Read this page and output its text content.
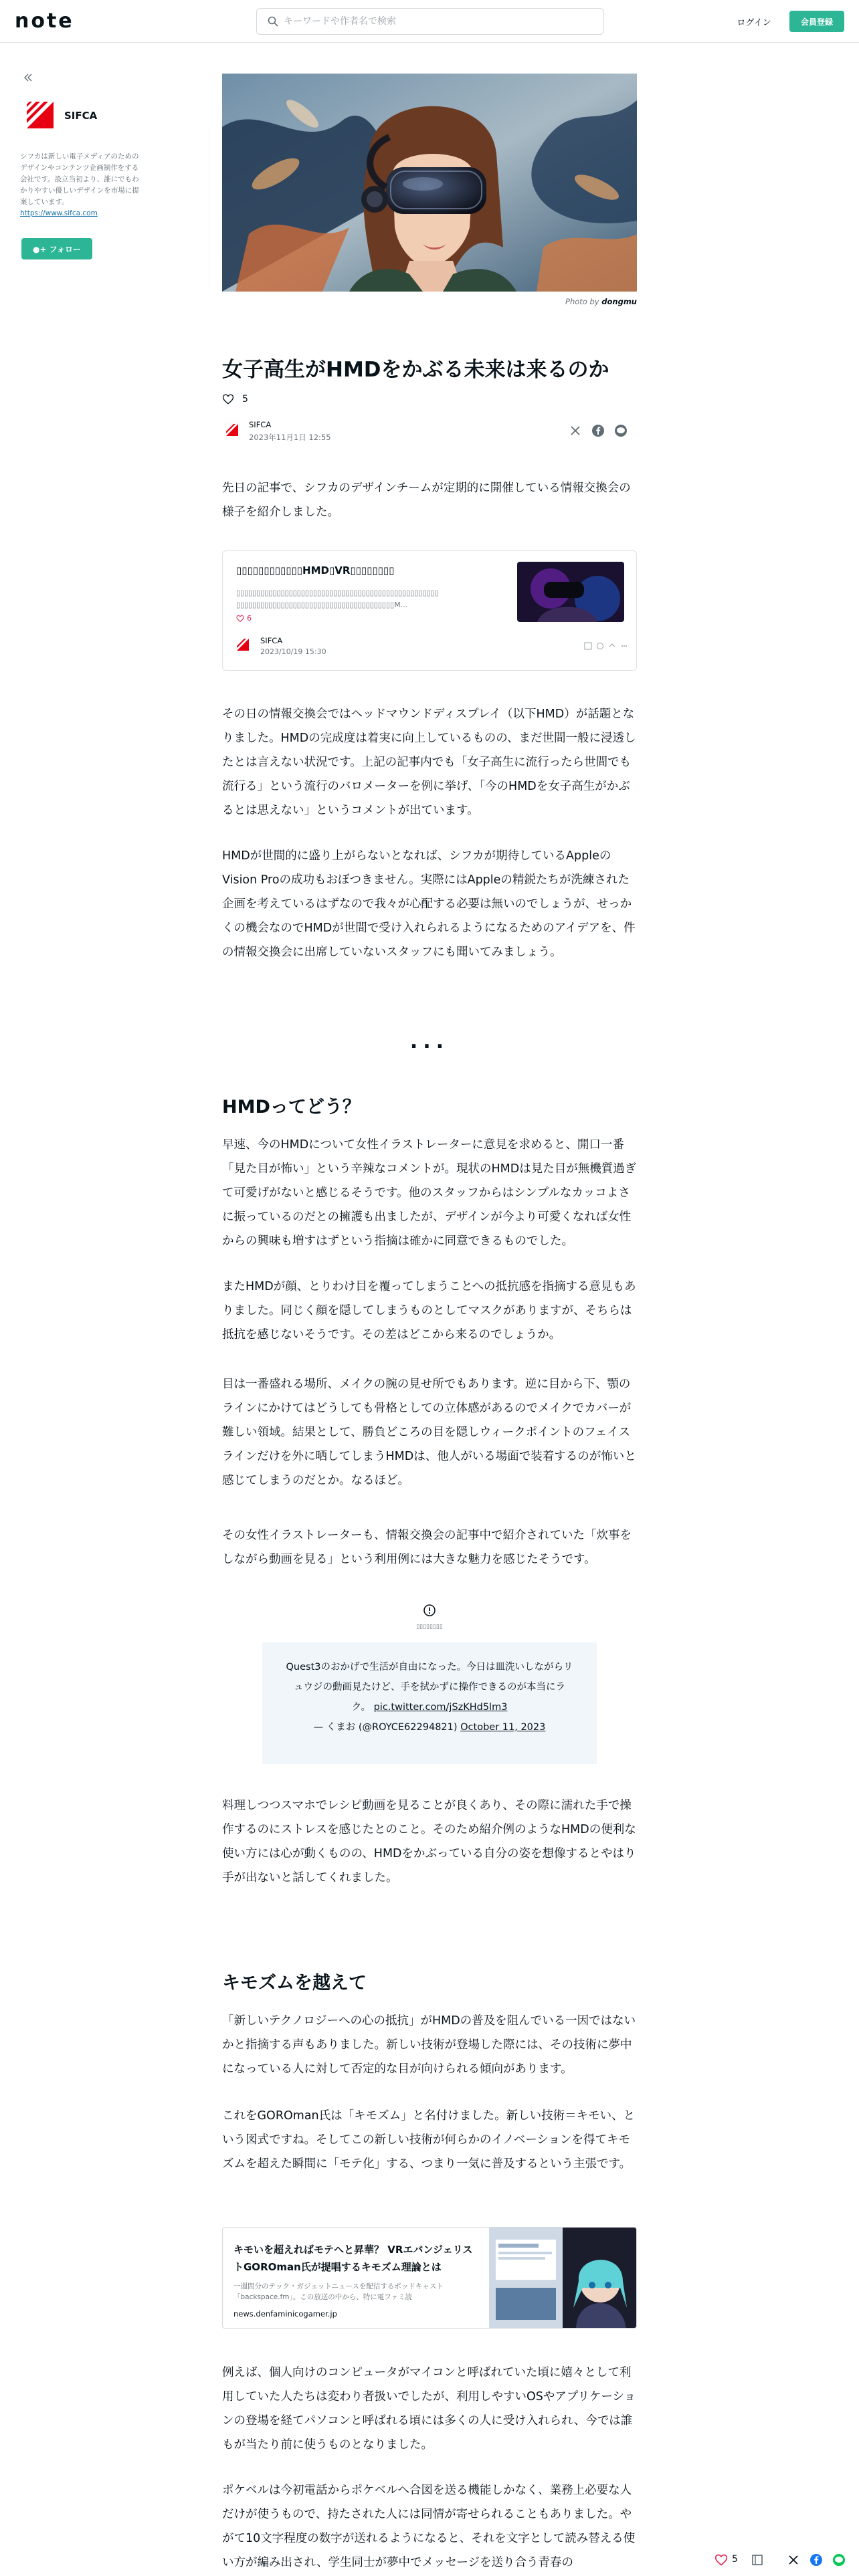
note
キーワードや作者名で検索	ログイン	会員登録
SIFCA
シフカは新しい電子メディアのためのデザインやコンテンツ企画制作をする会社です。設立当初より、誰にでもわかりやすい優しいデザインを市場に提案しています。 https://www.sifca.com
●+ フォロー
Photo by dongmu
女子高生がHMDをかぶる未来は来るのか
5
SIFCA
2023年11月1日 12:55

先日の記事で、シフカのデザインチームが定期的に開催している情報交換会の様子を紹介しました。

▯▯▯▯▯▯▯▯▯▯▯▯HMD▯VR▯▯▯▯▯▯▯▯
▯▯▯▯▯▯▯▯▯▯▯▯▯▯▯▯▯▯▯▯▯▯▯▯▯▯▯▯▯▯▯▯▯▯▯▯▯▯▯▯▯▯▯▯▯▯▯▯▯▯
▯▯▯▯▯▯▯▯▯▯▯▯▯▯▯▯▯▯▯▯▯▯▯▯▯▯▯▯▯▯▯▯▯▯▯▯▯▯▯M...
6
SIFCA
2023/10/19 15:30

その日の情報交換会ではヘッドマウンドディスプレイ（以下HMD）が話題となりました。HMDの完成度は着実に向上しているものの、まだ世間一般に浸透したとは言えない状況です。上記の記事内でも「女子高生に流行ったら世間でも流行る」という流行のバロメーターを例に挙げ、「今のHMDを女子高生がかぶるとは思えない」というコメントが出ています。

HMDが世間的に盛り上がらないとなれば、シフカが期待しているAppleのVision Proの成功もおぼつきません。実際にはAppleの精鋭たちが洗練された企画を考えているはずなので我々が心配する必要は無いのでしょうが、せっかくの機会なのでHMDが世間で受け入れられるようになるためのアイデアを、件の情報交換会に出席していないスタッフにも聞いてみましょう。

...
HMDってどう？

早速、今のHMDについて女性イラストレーターに意見を求めると、開口一番「見た目が怖い」という辛辣なコメントが。現状のHMDは見た目が無機質過ぎて可愛げがないと感じるそうです。他のスタッフからはシンプルなカッコよさに振っているのだとの擁護も出ましたが、デザインが今より可愛くなれば女性からの興味も増すはずという指摘は確かに同意できるものでした。

またHMDが顔、とりわけ目を覆ってしまうことへの抵抗感を指摘する意見もありました。同じく顔を隠してしまうものとしてマスクがありますが、そちらは抵抗を感じないそうです。その差はどこから来るのでしょうか。

目は一番盛れる場所、メイクの腕の見せ所でもあります。逆に目から下、顎のラインにかけてはどうしても骨格としての立体感があるのでメイクでカバーが難しい領域。結果として、勝負どころの目を隠しウィークポイントのフェイスラインだけを外に晒してしまうHMDは、他人がいる場面で装着するのが怖いと感じてしまうのだとか。なるほど。

その女性イラストレーターも、情報交換会の記事中で紹介されていた「炊事をしながら動画を見る」という利用例には大きな魅力を感じたそうです。

▯▯▯▯▯▯▯▯
Quest3のおかげで生活が自由になった。今日は皿洗いしながらリュウジの動画見たけど、手を拭かずに操作できるのが本当にラク。 pic.twitter.com/jSzKHd5lm3
— くまお (@ROYCE62294821) October 11, 2023

料理しつつスマホでレシピ動画を見ることが良くあり、その際に濡れた手で操作するのにストレスを感じたとのこと。そのため紹介例のようなHMDの便利な使い方には心が動くものの、HMDをかぶっている自分の姿を想像するとやはり手が出ないと話してくれました。

キモズムを越えて

「新しいテクノロジーへの心の抵抗」がHMDの普及を阻んでいる一因ではないかと指摘する声もありました。新しい技術が登場した際には、その技術に夢中になっている人に対して否定的な目が向けられる傾向があります。

これをGOROman氏は「キモズム」と名付けました。新しい技術＝キモい、という図式ですね。そしてこの新しい技術が何らかのイノベーションを得てキモズムを超えた瞬間に「モテ化」する、つまり一気に普及するという主張です。

キモいを超えればモテへと昇華？ VRエバンジェリストGOROman氏が提唱するキモズム理論とは
一週間分のテック・ガジェットニュースを配信するポッドキャスト「backspace.fm」。この放送の中から、特に電ファミ読
news.denfaminicogamer.jp

例えば、個人向けのコンピュータがマイコンと呼ばれていた頃に嬉々として利用していた人たちは変わり者扱いでしたが、利用しやすいOSやアプリケーションの登場を経てパソコンと呼ばれる頃には多くの人に受け入れられ、今では誰もが当たり前に使うものとなりました。

ポケベルは今初電話からポケベルへ合図を送る機能しかなく、業務上必要な人だけが使うもので、持たされた人には同情が寄せられることもありました。やがて10文字程度の数字が送れるようになると、それを文字として読み替える使い方が編み出され、学生同士が夢中でメッセージを送り合う青春の	5
